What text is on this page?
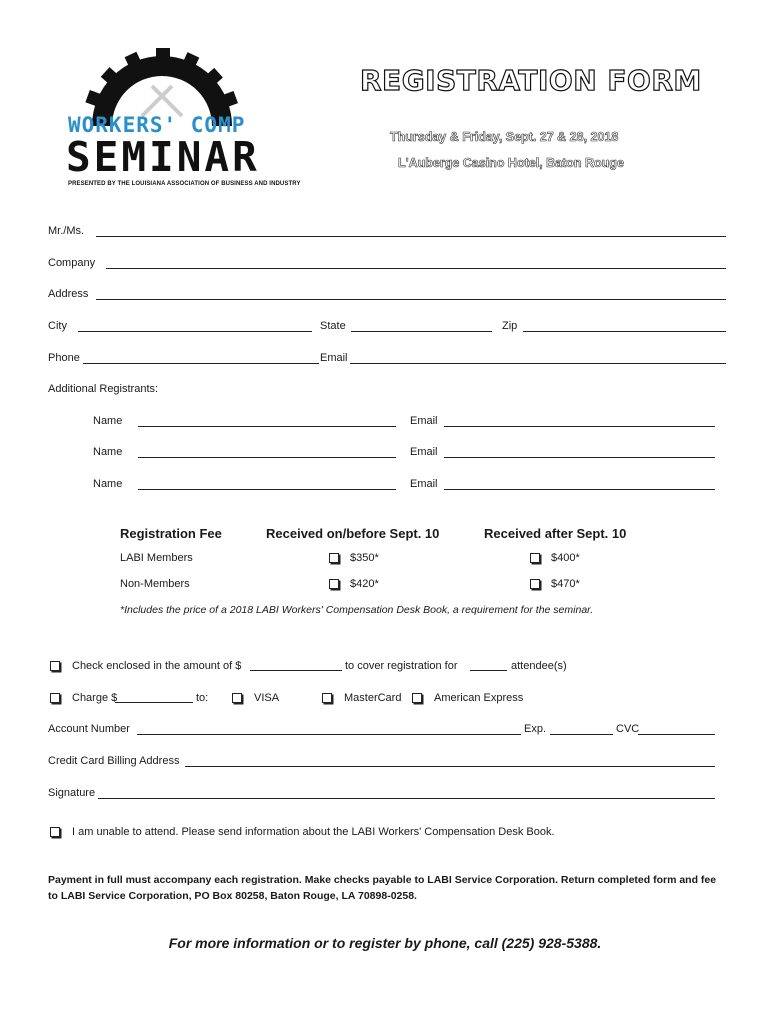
WORKERS' COMP
SEMINAR
PRESENTED BY THE LOUISIANA ASSOCIATION OF BUSINESS AND INDUSTRY
REGISTRATION FORM
Thursday & Friday, Sept. 27 & 28, 2018
L'Auberge Casino Hotel, Baton Rouge
Mr./Ms.
Company
Address
City	State	Zip
Phone	Email
Additional Registrants:
Name	Email
Name	Email
Name	Email
Registration Fee	Received on/before Sept. 10	Received after Sept. 10
LABI Members	$350*	$400*
Non-Members	$420*	$470*
*Includes the price of a 2018 LABI Workers' Compensation Desk Book, a requirement for the seminar.
Check enclosed in the amount of $	to cover registration for	attendee(s)
Charge $	to:	VISA	MasterCard	American Express
Account Number	Exp.	CVC
Credit Card Billing Address
Signature
I am unable to attend. Please send information about the LABI Workers' Compensation Desk Book.
Payment in full must accompany each registration. Make checks payable to LABI Service Corporation. Return completed form and fee to LABI Service Corporation, PO Box 80258, Baton Rouge, LA 70898-0258.
For more information or to register by phone, call (225) 928-5388.
